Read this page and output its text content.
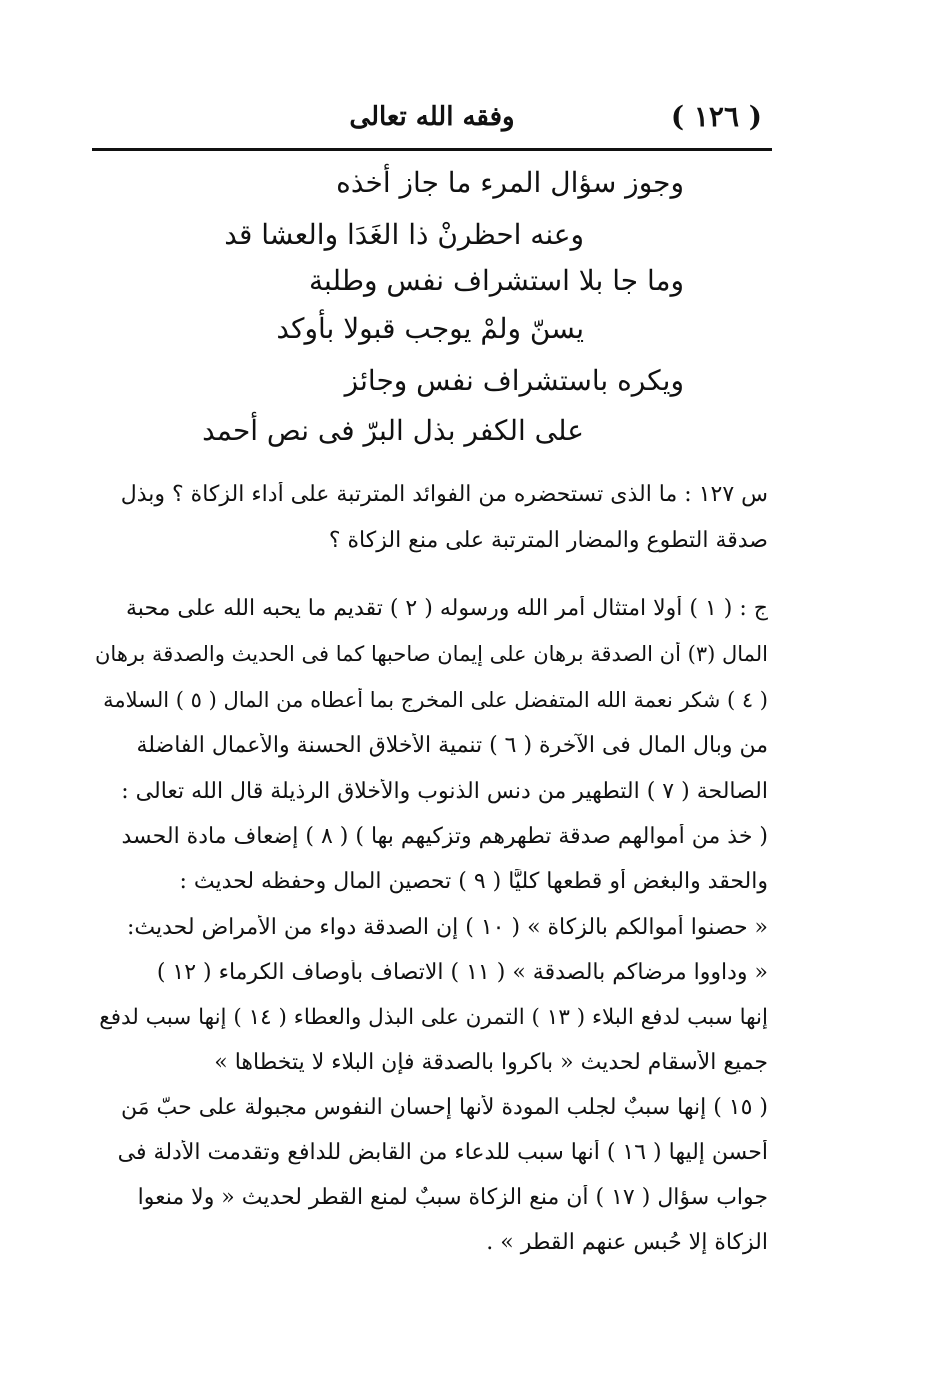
( ١٢٦ )
وفقه الله تعالى
وجوز سؤال المرء ما جاز أخذه
وعنه احظرنْ ذا الغَدَا والعشا قد
وما جا بلا استشراف نفس وطلبة
يسنّ ولمْ يوجب قبولا بأوكد
ويكره باستشراف نفس وجائز
على الكفر بذل البرّ فى نص أحمد
س ١٢٧ : ما الذى تستحضره من الفوائد المترتبة على أداء الزكاة ؟ وبذل
صدقة التطوع والمضار المترتبة على منع الزكاة ؟
ج : ( ١ ) أولا امتثال أمر الله ورسوله ( ٢ ) تقديم ما يحبه الله على محبة
المال (٣) أن الصدقة برهان على إيمان صاحبها كما فى الحديث والصدقة برهان
( ٤ ) شكر نعمة الله المتفضل على المخرج بما أعطاه من المال ( ٥ ) السلامة
من وبال المال فى الآخرة ( ٦ ) تنمية الأخلاق الحسنة والأعمال الفاضلة
الصالحة ( ٧ ) التطهير من دنس الذنوب والأخلاق الرذيلة قال الله تعالى :
( خذ من أموالهم صدقة تطهرهم وتزكيهم بها ) ( ٨ ) إضعاف مادة الحسد
والحقد والبغض أو قطعها كليًّا ( ٩ ) تحصين المال وحفظه لحديث :
« حصنوا أموالكم بالزكاة » ( ١٠ ) إن الصدقة دواء من الأمراض لحديث:
« وداووا مرضاكم بالصدقة » ( ١١ ) الاتصاف بأوصاف الكرماء ( ١٢ )
إنها سبب لدفع البلاء ( ١٣ ) التمرن على البذل والعطاء ( ١٤ ) إنها سبب لدفع
جميع الأسقام لحديث « باكروا بالصدقة فإن البلاء لا يتخطاها »
( ١٥ ) إنها سببٌ لجلب المودة لأنها إحسان النفوس مجبولة على حبّ مَن
أحسن إليها ( ١٦ ) أنها سبب للدعاء من القابض للدافع وتقدمت الأدلة فى
جواب سؤال ( ١٧ ) أن منع الزكاة سببٌ لمنع القطر لحديث « ولا منعوا
الزكاة إلا حُبس عنهم القطر » .
